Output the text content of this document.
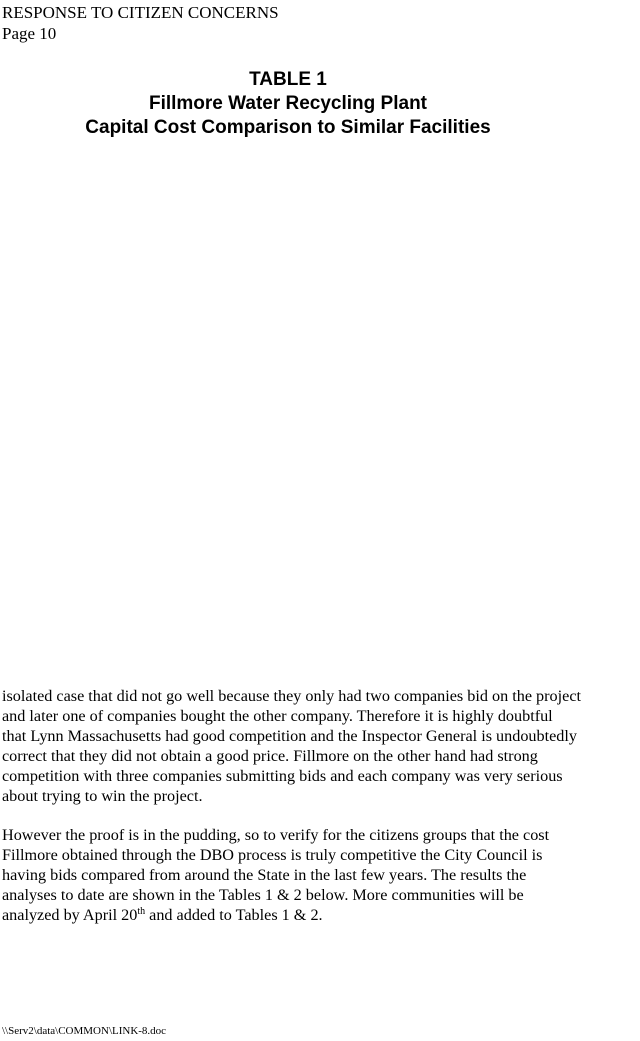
RESPONSE TO CITIZEN CONCERNS
Page 10
TABLE 1
Fillmore Water Recycling Plant
Capital Cost Comparison to Similar Facilities
isolated case that did not go well because they only had two companies bid on the project
and later one of companies bought the other company. Therefore it is highly doubtful
that Lynn Massachusetts had good competition and the Inspector General is undoubtedly
correct that they did not obtain a good price. Fillmore on the other hand had strong
competition with three companies submitting bids and each company was very serious
about trying to win the project.
However the proof is in the pudding, so to verify for the citizens groups that the cost
Fillmore obtained through the DBO process is truly competitive the City Council is
having bids compared from around the State in the last few years. The results the
analyses to date are shown in the Tables 1 & 2 below. More communities will be
analyzed by April 20th and added to Tables 1 & 2.
\\Serv2\data\COMMON\LINK-8.doc
